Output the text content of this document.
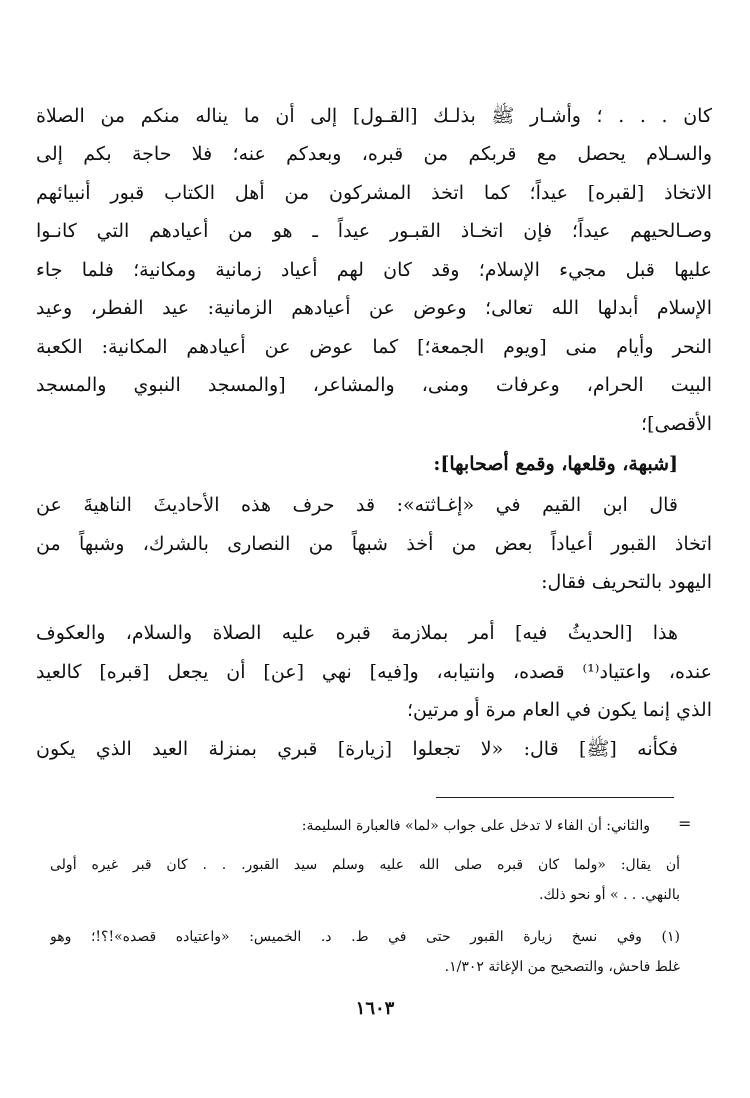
كان . . . ؛ وأشـار ﷺ بذلـك [القـول] إلى أن ما يناله منكم من الصلاة
والسـلام يحصل مع قربكم من قبره، وبعدكم عنه؛ فلا حاجة بكم إلى
الاتخاذ [لقبره] عيداً؛ كما اتخذ المشركون من أهل الكتاب قبور أنبيائهم
وصـالحيهم عيداً؛ فإن اتخـاذ القبـور عيداً ـ هو من أعيادهم التي كانـوا
عليها قبل مجيء الإسلام؛ وقد كان لهم أعياد زمانية ومكانية؛ فلما جاء
الإسلام أبدلها الله تعالى؛ وعوض عن أعيادهم الزمانية: عيد الفطر، وعيد
النحر وأيام منى [ويوم الجمعة؛] كما عوض عن أعيادهم المكانية: الكعبة
البيت الحرام، وعرفات ومنى، والمشاعر، [والمسجد النبوي والمسجد
الأقصى]؛
[شبهة، وقلعها، وقمع أصحابها]:
قال ابن القيم في «إغـاثته»: قد حرف هذه الأحاديثَ الناهيةَ عن
اتخاذ القبور أعياداً بعض من أخذ شبهاً من النصارى بالشرك، وشبهاً من
اليهود بالتحريف فقال:
هذا [الحديثُ فيه] أمر بملازمة قبره عليه الصلاة والسلام، والعكوف
عنده، واعتياد⁽¹⁾ قصده، وانتيابه، و[فيه] نهي [عن] أن يجعل [قبره] كالعيد
الذي إنما يكون في العام مرة أو مرتين؛
فكأنه [ﷺ] قال: «لا تجعلوا [زيارة] قبري بمنزلة العيد الذي يكون
=
والثاني: أن الفاء لا تدخل على جواب «لما» فالعبارة السليمة:
أن يقال: «ولما كان قبره صلى الله عليه وسلم سيد القبور. . . كان قبر غيره أولى
بالنهي. . . » أو نحو ذلك.
(١) وفي نسخ زيارة القبور حتى في ط. د. الخميس: «واعتياده قصده»!؟!؛ وهو
غلط فاحش، والتصحيح من الإغاثة ١/٣٠٢.
١٦٠٣
